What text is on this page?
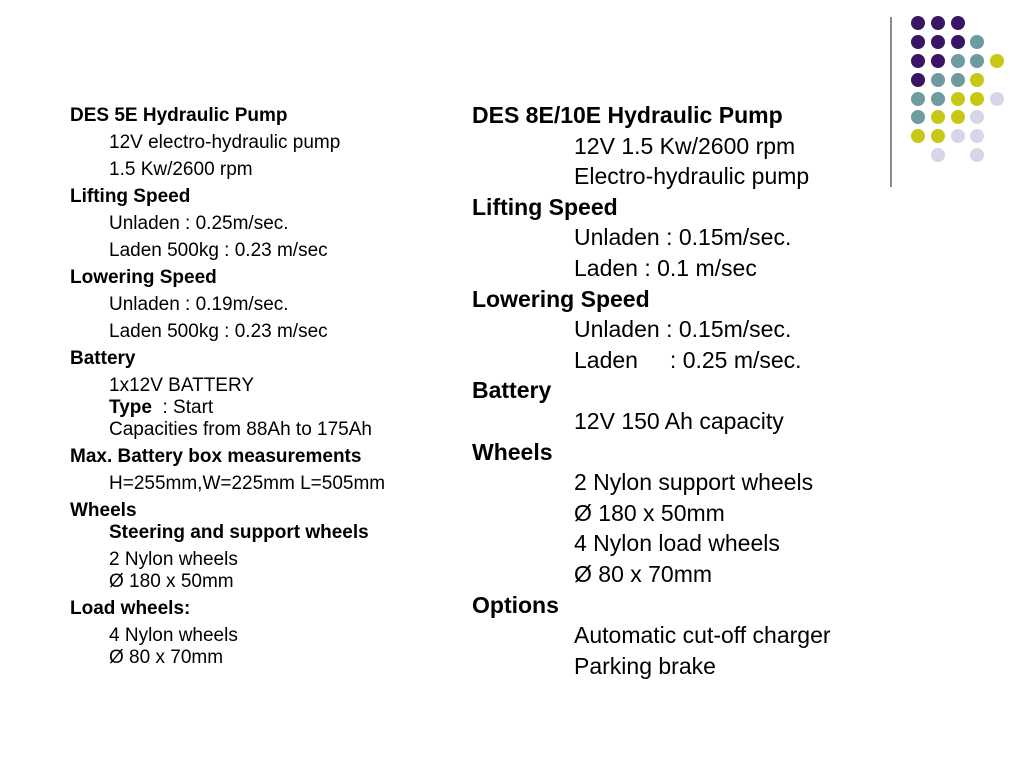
DES 5E Hydraulic Pump
12V electro-hydraulic pump
1.5 Kw/2600 rpm
Lifting Speed
Unladen : 0.25m/sec.
Laden 500kg : 0.23 m/sec
Lowering Speed
Unladen : 0.19m/sec.
Laden 500kg : 0.23 m/sec
Battery
1x12V BATTERY
Type  : Start
Capacities from 88Ah to 175Ah
Max. Battery box measurements
H=255mm,W=225mm L=505mm
Wheels
Steering and support wheels
2 Nylon wheels
Ø 180 x 50mm
Load wheels:
4 Nylon wheels
Ø 80 x 70mm
DES 8E/10E Hydraulic Pump
12V 1.5 Kw/2600 rpm
Electro-hydraulic pump
Lifting Speed
Unladen : 0.15m/sec.
Laden : 0.1 m/sec
Lowering Speed
Unladen : 0.15m/sec.
Laden     : 0.25 m/sec.
Battery
12V 150 Ah capacity
Wheels
2 Nylon support wheels
Ø 180 x 50mm
4 Nylon load wheels
Ø 80 x 70mm
Options
Automatic cut-off charger
Parking brake
